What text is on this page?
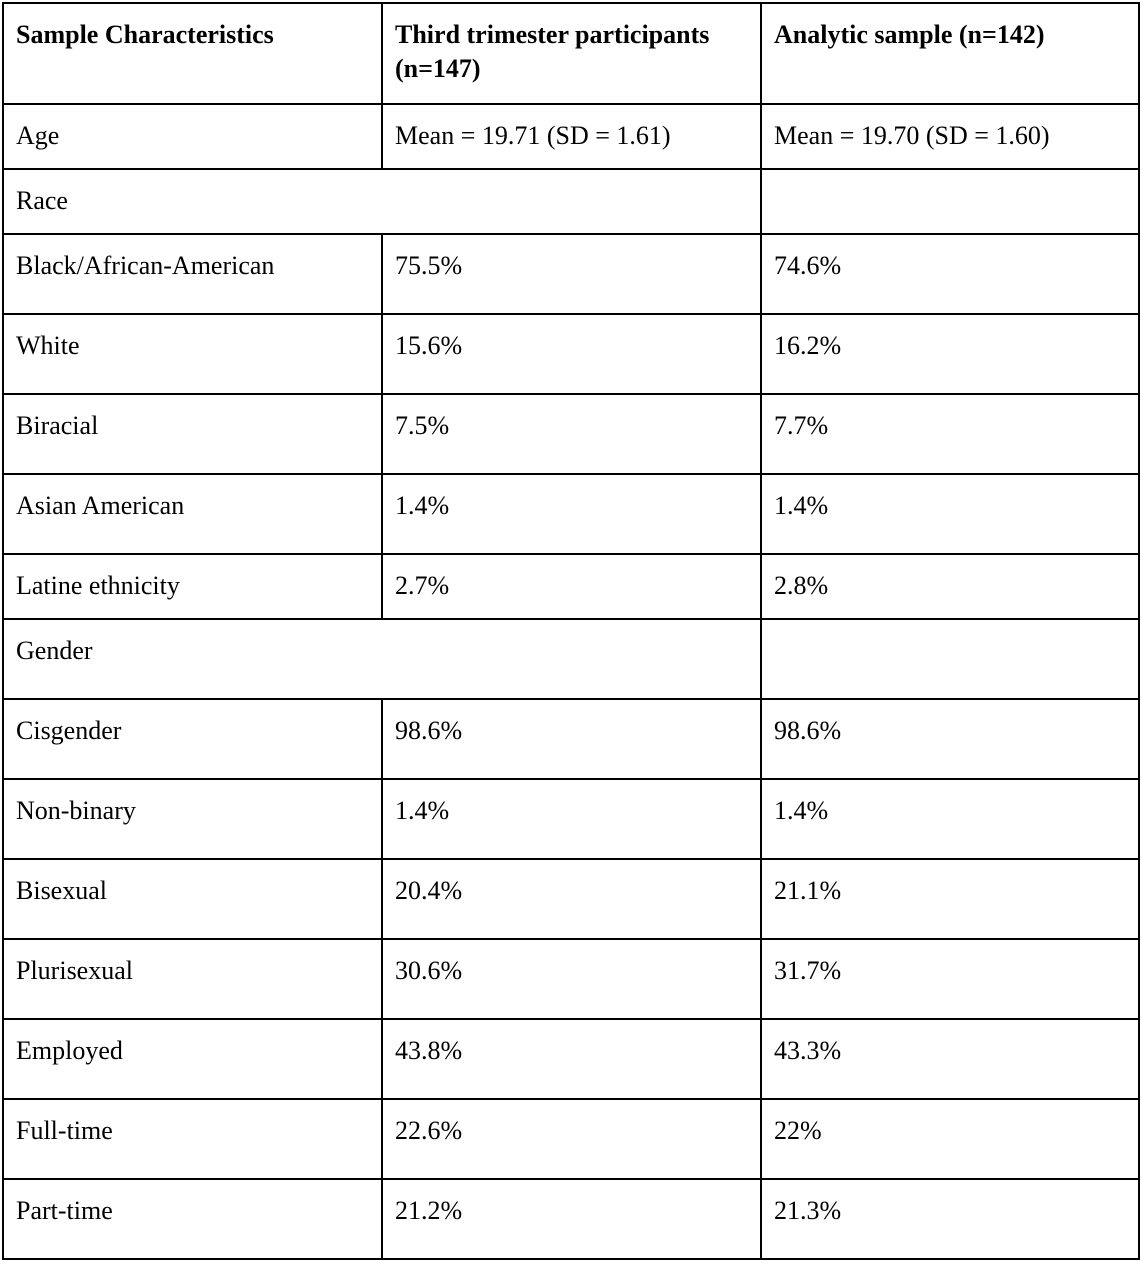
Sample Characteristics	Third trimester participants (n=147)	Analytic sample (n=142)
Age	Mean = 19.71 (SD = 1.61)	Mean = 19.70 (SD = 1.60)
Race		
Black/African-American	75.5%	74.6%
White	15.6%	16.2%
Biracial	7.5%	7.7%
Asian American	1.4%	1.4%
Latine ethnicity	2.7%	2.8%
Gender		
Cisgender	98.6%	98.6%
Non-binary	1.4%	1.4%
Bisexual	20.4%	21.1%
Plurisexual	30.6%	31.7%
Employed	43.8%	43.3%
Full-time	22.6%	22%
Part-time	21.2%	21.3%
